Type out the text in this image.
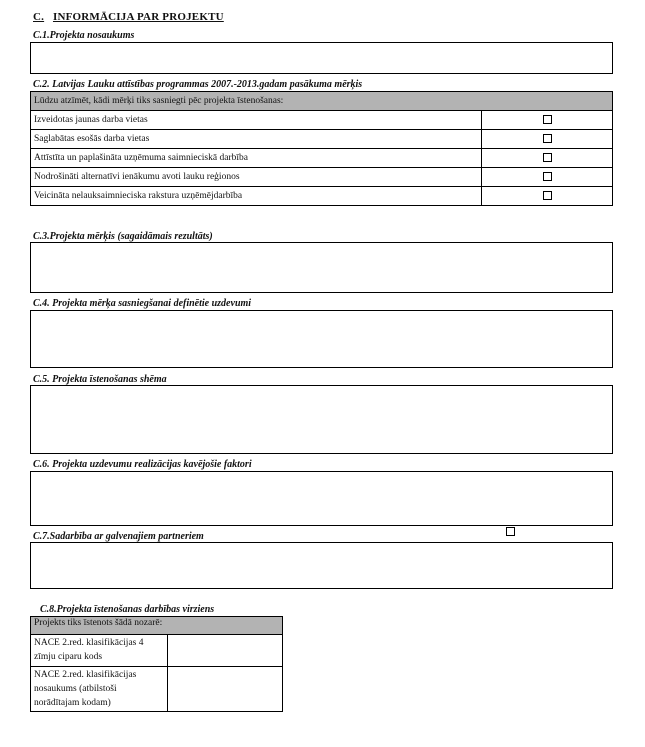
C. INFORMĀCIJA PAR PROJEKTU
C.1.Projekta nosaukums
C.2. Latvijas Lauku attīstības programmas 2007.-2013.gadam pasākuma mērķis
Lūdzu atzīmēt, kādi mērķi tiks sasniegti pēc projekta īstenošanas:	
Izveidotas jaunas darba vietas	
Saglabātas esošās darba vietas	
Attīstīta un paplašināta uzņēmuma saimnieciskā darbība	
Nodrošināti alternatīvi ienākumu avoti lauku reģionos	
Veicināta nelauksaimnieciska rakstura uzņēmējdarbība	
C.3.Projekta mērķis (sagaidāmais rezultāts)
C.4. Projekta mērķa sasniegšanai definētie uzdevumi
C.5. Projekta īstenošanas shēma
C.6. Projekta uzdevumu realizācijas kavējošie faktori
C.7.Sadarbība ar galvenajiem partneriem
C.8.Projekta īstenošanas darbības virziens
Projekts tiks īstenots šādā nozarē:	
NACE 2.red. klasifikācijas 4 zīmju ciparu kods	
NACE 2.red. klasifikācijas nosaukums (atbilstoši norādītajam kodam)	
